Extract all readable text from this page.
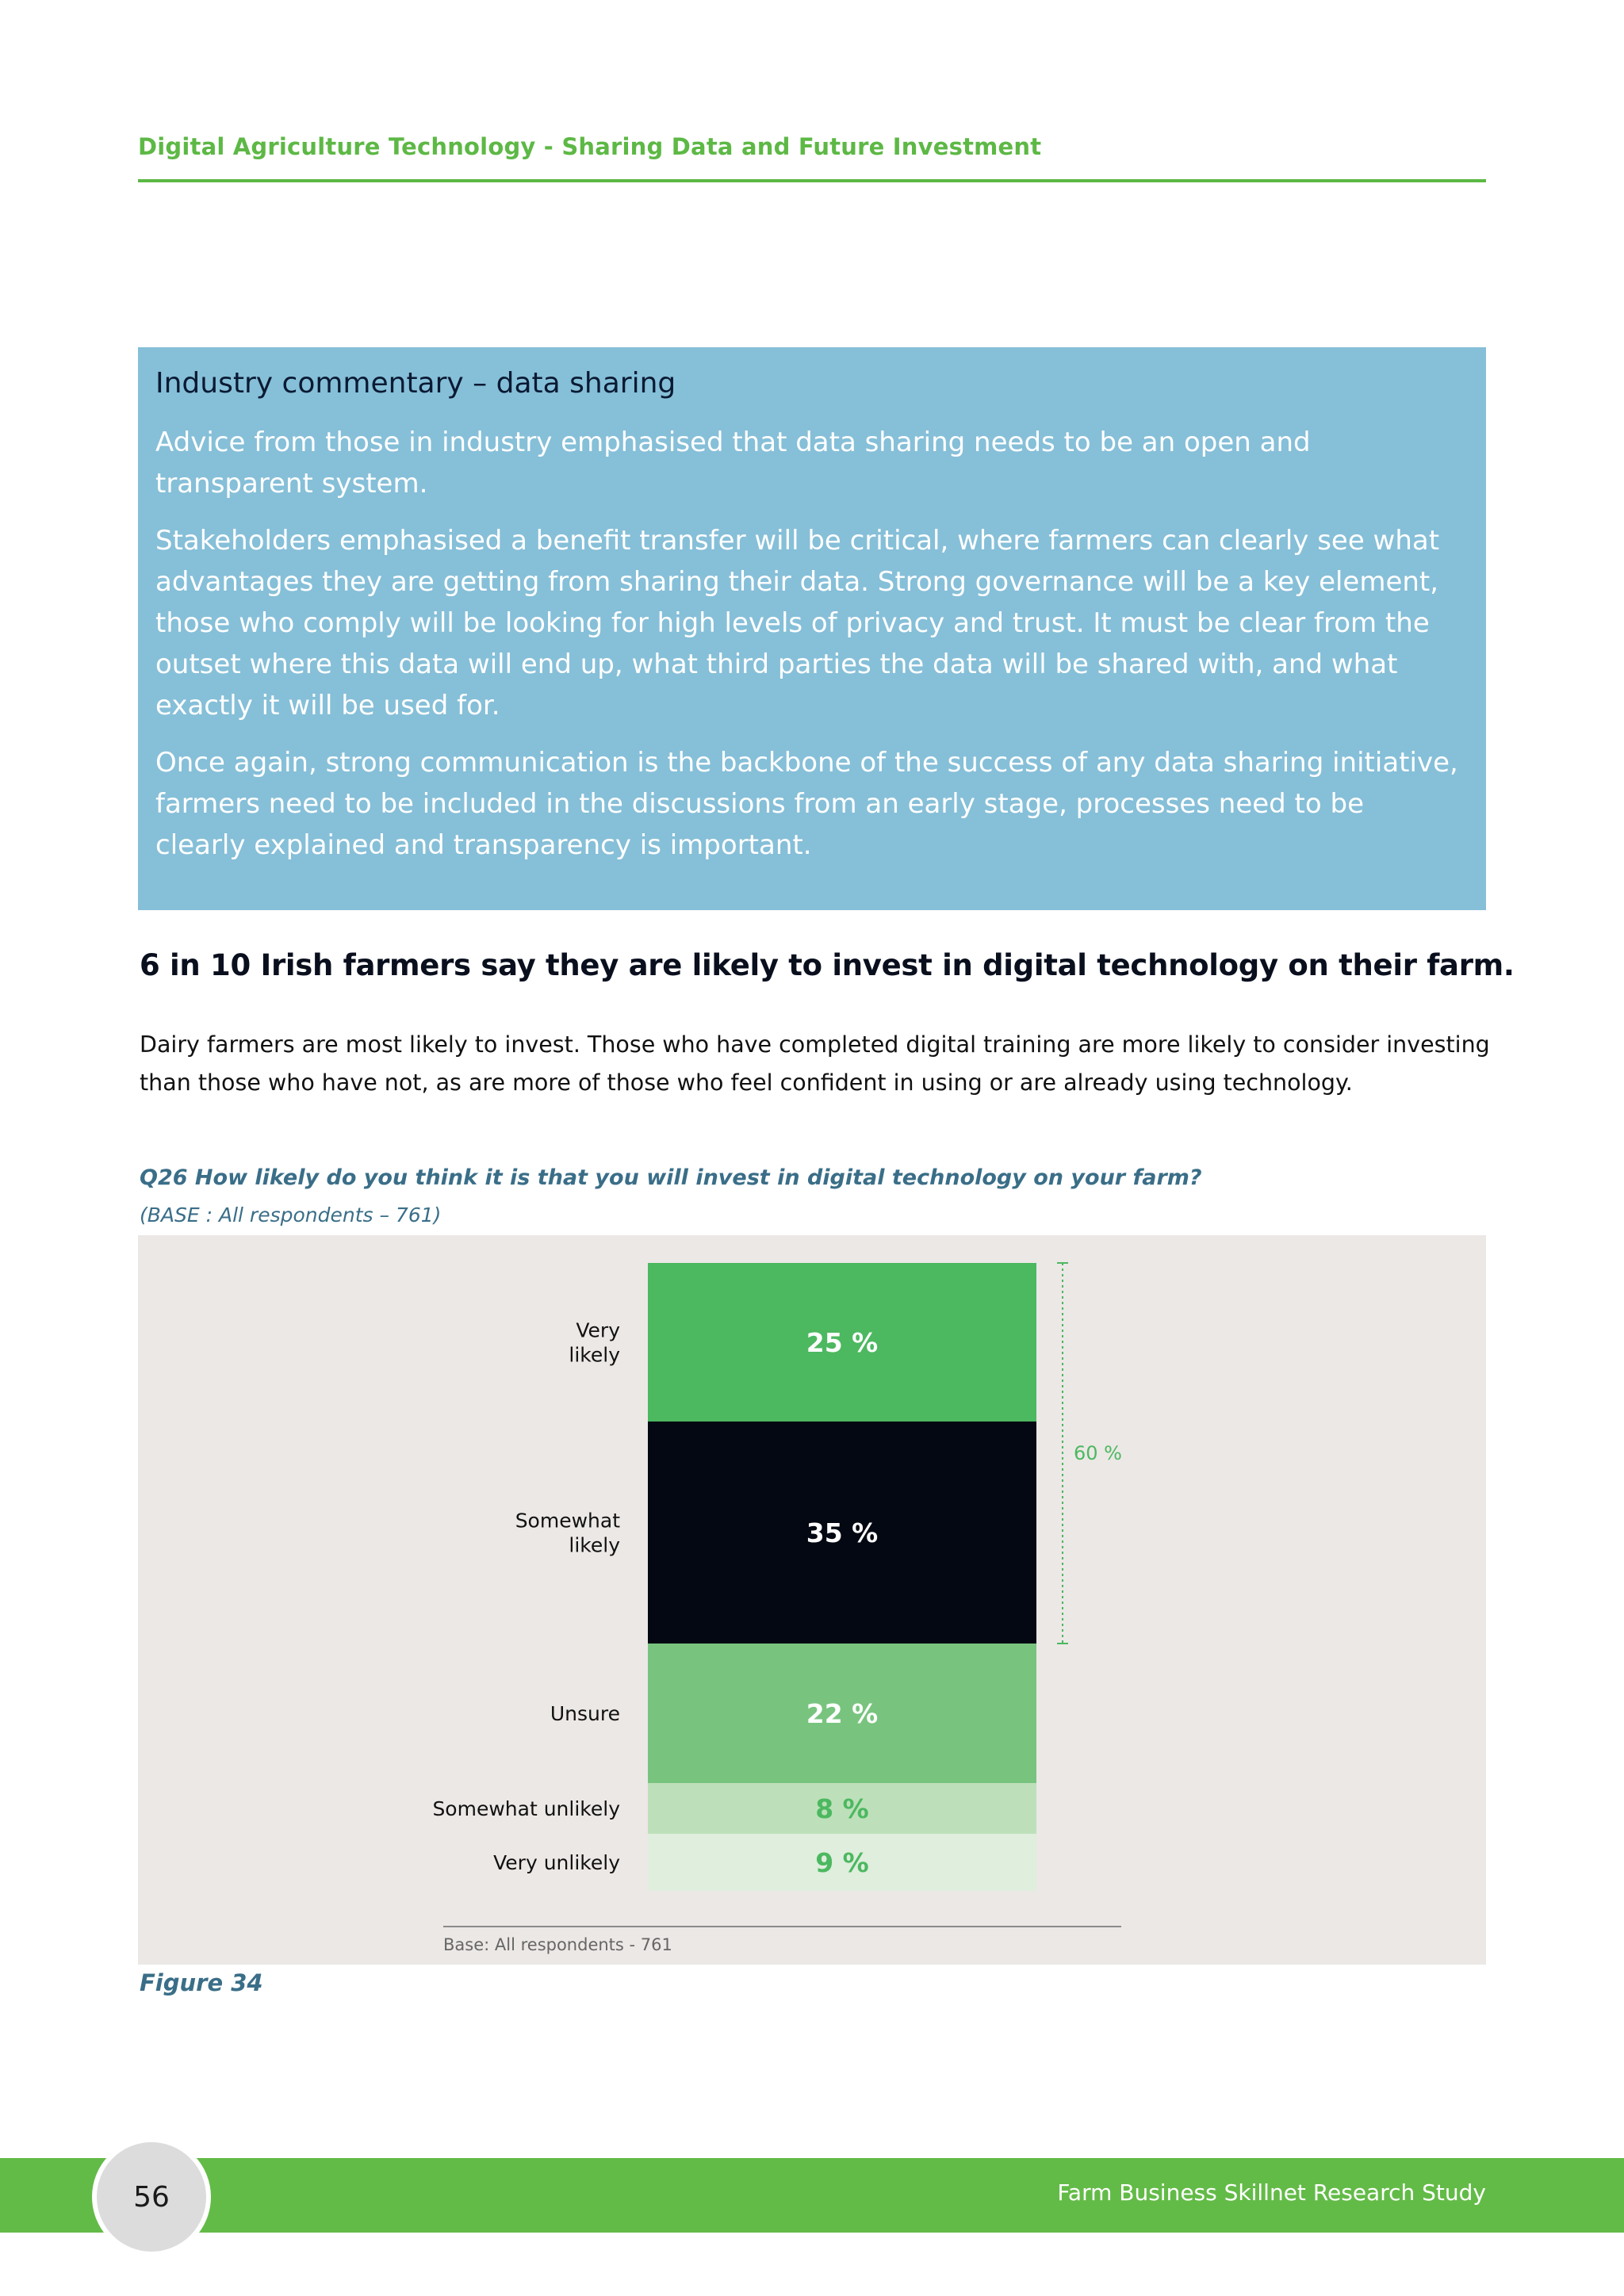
Digital Agriculture Technology - Sharing Data and Future Investment
Industry commentary – data sharing

Advice from those in industry emphasised that data sharing needs to be an open and transparent system.

Stakeholders emphasised a benefit transfer will be critical, where farmers can clearly see what advantages they are getting from sharing their data. Strong governance will be a key element, those who comply will be looking for high levels of privacy and trust. It must be clear from the outset where this data will end up, what third parties the data will be shared with, and what exactly it will be used for.

Once again, strong communication is the backbone of the success of any data sharing initiative, farmers need to be included in the discussions from an early stage, processes need to be clearly explained and transparency is important.

6 in 10 Irish farmers say they are likely to invest in digital technology on their farm.
Dairy farmers are most likely to invest. Those who have completed digital training are more likely to consider investing than those who have not, as are more of those who feel confident in using or are already using technology.
Q26 How likely do you think it is that you will invest in digital technology on your farm?
(BASE : All respondents – 761)
25 %
Very
likely
35 %
Somewhat
likely
22 %
Unsure
8 %
Somewhat unlikely
9 %
Very unlikely
60 %
Base: All respondents - 761
Figure 34
Farm Business Skillnet Research Study
56
